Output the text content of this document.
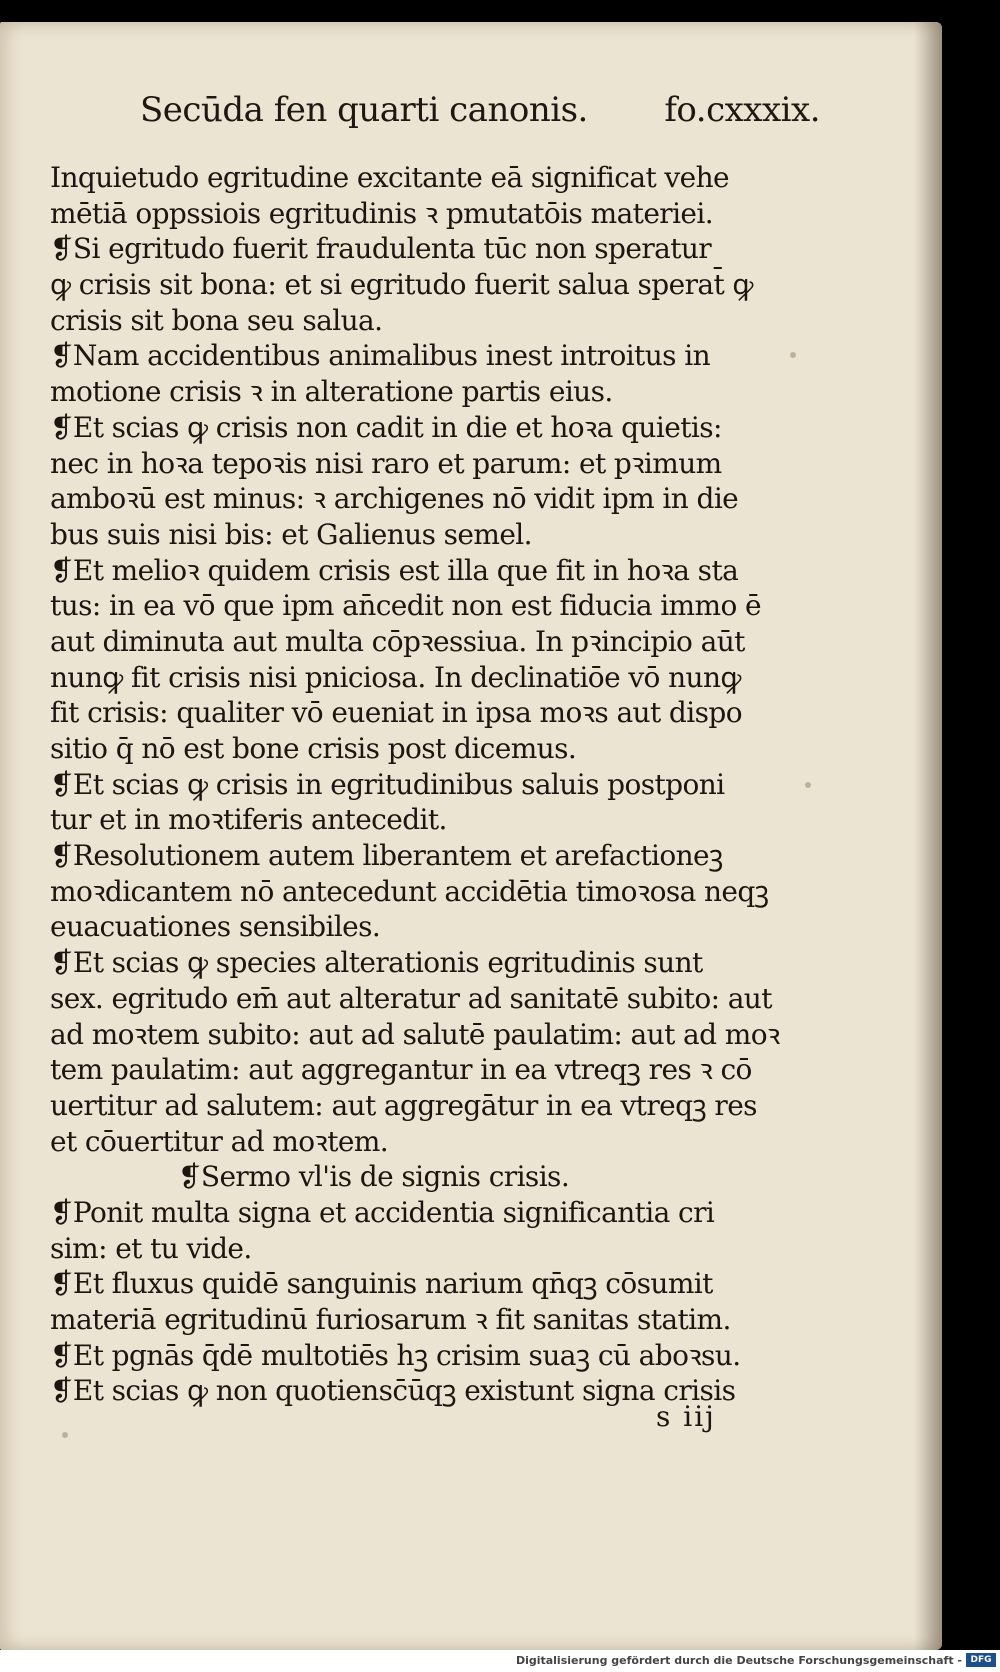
Secūda fen quarti canonis. fo.cxxxix.
Inquietudo egritudine excitante eā significat vehe
mētiā oppssiois egritudinis ꝛ pmutatōis materiei.
❡Si egritudo fuerit fraudulenta tūc non speratur
ꝙ crisis sit bona: et si egritudo fuerit salua sperat̄ ꝙ
crisis sit bona seu salua.
❡Nam accidentibus animalibus inest introitus in
motione crisis ꝛ in alteratione partis eius.
❡Et scias ꝙ crisis non cadit in die et hoꝛa quietis:
nec in hoꝛa tepoꝛis nisi raro et parum: et pꝛimum
amboꝛū est minus: ꝛ archigenes nō vidit ipm in die
bus suis nisi bis: et Galienus semel.
❡Et melioꝛ quidem crisis est illa que fit in hoꝛa sta
tus: in ea vō que ipm an̄cedit non est fiducia immo ē
aut diminuta aut multa cōpꝛessiua. In pꝛincipio aūt
nunꝙ fit crisis nisi pniciosa. In declinatiōe vō nunꝙ
fit crisis: qualiter vō eueniat in ipsa moꝛs aut dispo
sitio q̄ nō est bone crisis post dicemus.
❡Et scias ꝙ crisis in egritudinibus saluis postponi
tur et in moꝛtiferis antecedit.
❡Resolutionem autem liberantem et arefactioneꝫ
moꝛdicantem nō antecedunt accidētia timoꝛosa neqꝫ
euacuationes sensibiles.
❡Et scias ꝙ species alterationis egritudinis sunt
sex. egritudo em̄ aut alteratur ad sanitatē subito: aut
ad moꝛtem subito: aut ad salutē paulatim: aut ad moꝛ
tem paulatim: aut aggregantur in ea vtreqꝫ res ꝛ cō
uertitur ad salutem: aut aggregātur in ea vtreqꝫ res
et cōuertitur ad moꝛtem.
❡Sermo vl'is de signis crisis.
❡Ponit multa signa et accidentia significantia cri
sim: et tu vide.
❡Et fluxus quidē sanguinis narium qn̄qꝫ cōsumit
materiā egritudinū furiosarum ꝛ fit sanitas statim.
❡Et pgnās q̄dē multotiēs hꝫ crisim suaꝫ cū aboꝛsu.
❡Et scias ꝙ non quotiensc̄ūqꝫ existunt signa crisis
s iij
Digitalisierung gefördert durch die Deutsche Forschungsgemeinschaft - DFG
